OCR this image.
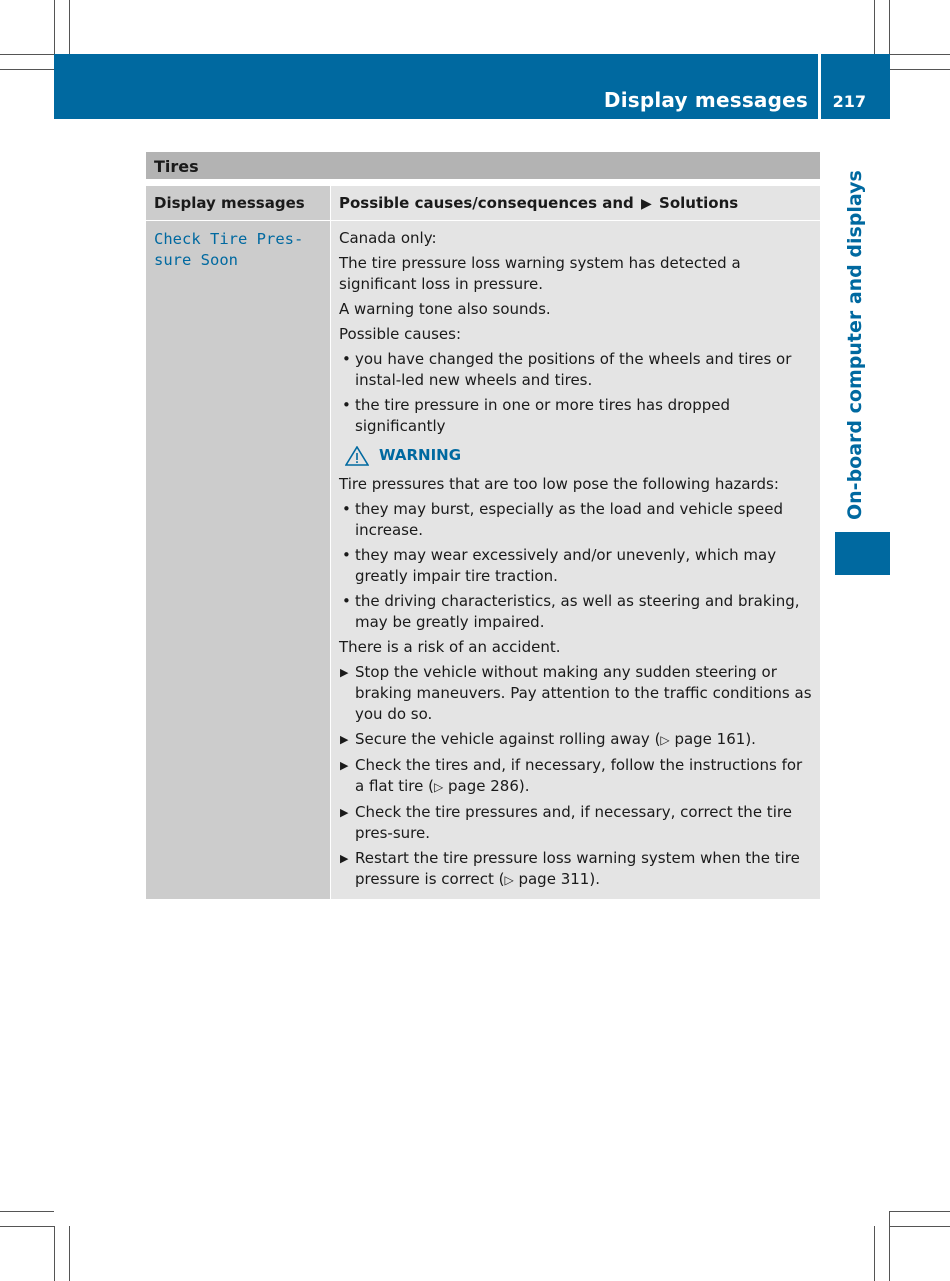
Display messages 217
On-board computer and displays
Tires
Display messages	Possible causes/consequences and ▶ Solutions
Check Tire Pres-
sure Soon

Canada only:

The tire pressure loss warning system has detected a significant loss in pressure.

A warning tone also sounds.

Possible causes:

• you have changed the positions of the wheels and tires or instal-led new wheels and tires.
• the tire pressure in one or more tires has dropped significantly
WARNING

Tire pressures that are too low pose the following hazards:

• they may burst, especially as the load and vehicle speed increase.
• they may wear excessively and/or unevenly, which may greatly impair tire traction.
• the driving characteristics, as well as steering and braking, may be greatly impaired.

There is a risk of an accident.

▶ Stop the vehicle without making any sudden steering or braking maneuvers. Pay attention to the traffic conditions as you do so.
▶ Secure the vehicle against rolling away (▷ page 161).
▶ Check the tires and, if necessary, follow the instructions for a flat tire (▷ page 286).
▶ Check the tire pressures and, if necessary, correct the tire pres-sure.
▶ Restart the tire pressure loss warning system when the tire pressure is correct (▷ page 311).
